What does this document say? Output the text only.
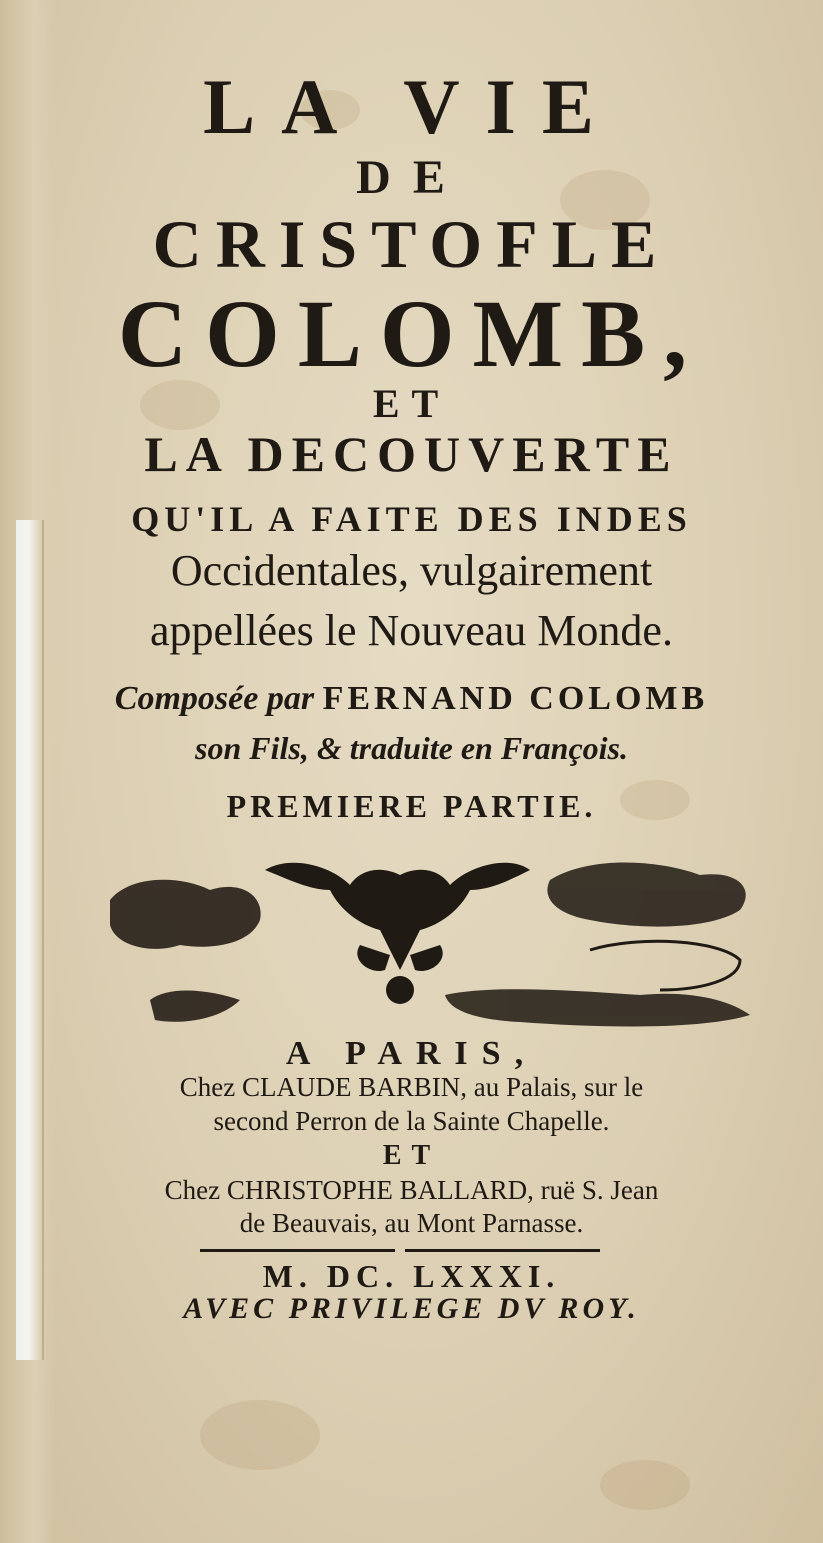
LA VIE
DE
CRISTOFLE
COLOMB,
ET
LA DECOUVERTE
QU'IL A FAITE DES INDES
Occidentales, vulgairement
appellées le Nouveau Monde.
Composée par FERNAND COLOMB
son Fils, & traduite en François.
PREMIERE PARTIE.
A PARIS,
Chez CLAUDE BARBIN, au Palais, sur le
second Perron de la Sainte Chapelle.
ET
Chez CHRISTOPHE BALLARD, ruë S. Jean
de Beauvais, au Mont Parnasse.
M. DC. LXXXI.
AVEC PRIVILEGE DV ROY.
